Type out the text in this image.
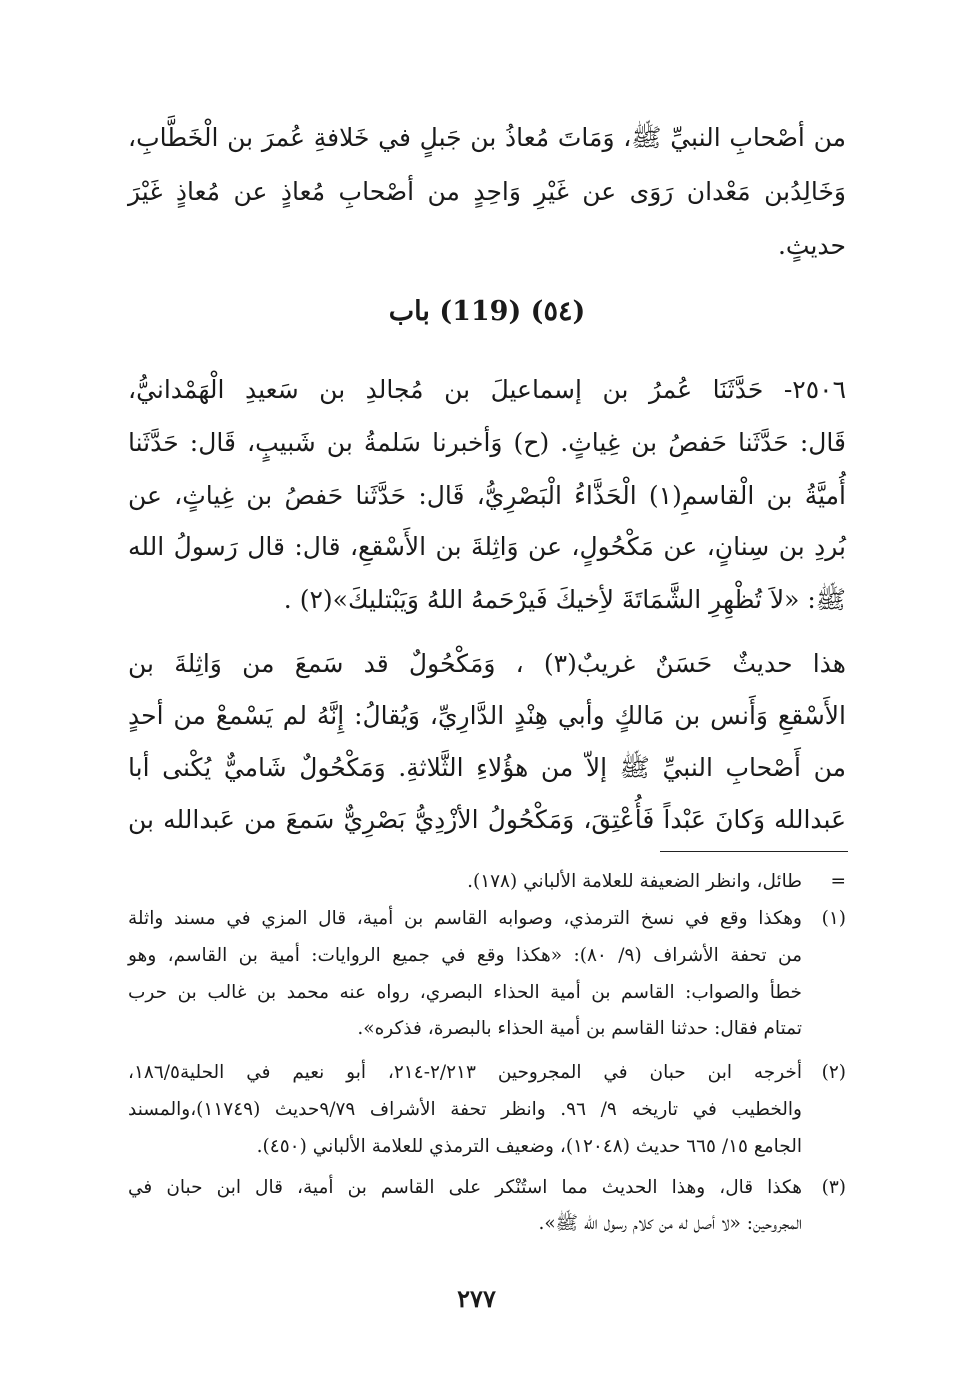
من أصْحابِ النبيِّ ﷺ، وَمَاتَ مُعاذُ بن جَبلٍ في خَلافةِ عُمرَ بن الْخَطَّابِ،
وَخَالِدُبن مَعْدان رَوَى عن غَيْرِ وَاحِدٍ من أصْحابِ مُعاذٍ عن مُعاذٍ غَيْرَ
حديثٍ.
(٥٤) (119) باب
٢٥٠٦- حَدَّثَنَا عُمرُ بن إسماعيلَ بن مُجالدِ بن سَعيدِ الْهَمْدانيُّ،
قَال: حَدَّثَنا حَفصُ بن غِياثٍ. (ح) وَأخبرنا سَلمةُ بن شَبيبٍ، قَال: حَدَّثَنا
أُميَّةُ بن الْقاسمِ(١) الْحَذَّاءُ الْبَصْرِيُّ، قَال: حَدَّثَنا حَفصُ بن غِياثٍ، عن
بُردِ بن سِنانٍ، عن مَكْحُولٍ، عن وَاثِلةَ بن الأَسْقعِ، قال: قال رَسولُ الله
ﷺ: «لاَ تُظْهِرِ الشَّمَاتَةَ لأِخيكَ فَيرْحَمهُ اللهُ وَيَبْتليكَ»(٢) .
هذا حديثٌ حَسَنٌ غريبٌ(٣) ، وَمَكْحُولٌ قد سَمعَ من وَاثِلةَ بن
الأَسْقعِ وَأَنس بن مَالكٍ وأبي هِنْدٍ الدَّارِيِّ، وَيُقالُ: إِنَّهُ لم يَسْمعْ من أحدٍ
من أَصْحابِ النبيِّ ﷺ إلاّ من هؤُلاءِ الثَّلاثةِ. وَمَكْحُولٌ شَاميٌّ يُكْنى أبا
عَبدالله وَكانَ عَبْداً فَأُعْتِقَ، وَمَكْحُولُ الأزْدِيُّ بَصْرِيٌّ سَمعَ من عَبدالله بن
=
طائل، وانظر الضعيفة للعلامة الألباني (١٧٨).
(١)
وهكذا وقع في نسخ الترمذي، وصوابه القاسم بن أمية، قال المزي في مسند واثلة
من تحفة الأشراف (٩/ ٨٠): «هكذا وقع في جميع الروايات: أمية بن القاسم، وهو
خطأ والصواب: القاسم بن أمية الحذاء البصري، رواه عنه محمد بن غالب بن حرب
تمتام فقال: حدثنا القاسم بن أمية الحذاء بالبصرة، فذكره».
(٢)
أخرجه ابن حبان في المجروحين ٢/٢١٣-٢١٤، أبو نعيم في الحلية١٨٦/٥،
والخطيب في تاريخه ٩/ ٩٦. وانظر تحفة الأشراف ٩/٧٩حديث (١١٧٤٩)،والمسند
الجامع ١٥/ ٦٦٥ حديث (١٢٠٤٨)، وضعيف الترمذي للعلامة الألباني (٤٥٠).
(٣)
هكذا قال، وهذا الحديث مما استُنْكر على القاسم بن أمية، قال ابن حبان في
المجروحين: «لا أصل له من كلام رسول الله ﷺ».
٢٧٧
